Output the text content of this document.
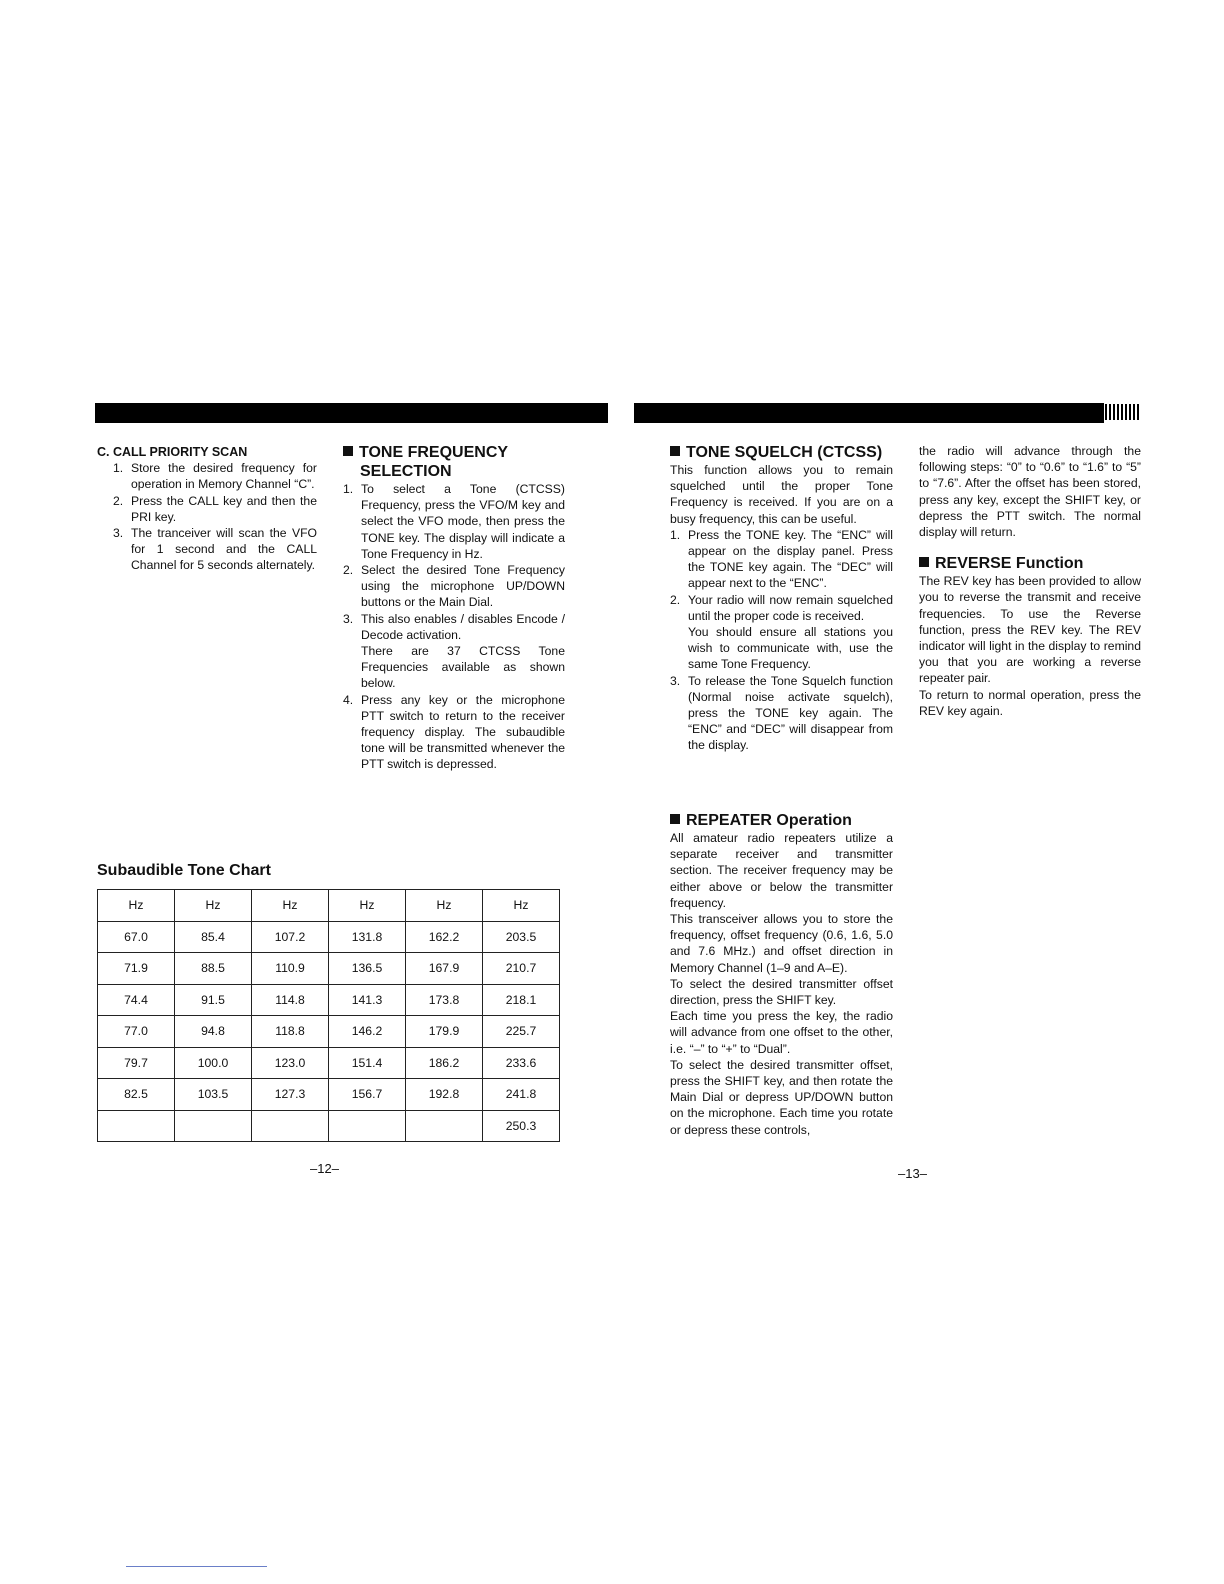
C. CALL PRIORITY SCAN

1. Store the desired frequency for operation in Memory Channel “C”.
2. Press the CALL key and then the PRI key.
3. The tranceiver will scan the VFO for 1 second and the CALL Channel for 5 seconds alternately.

TONE FREQUENCY

SELECTION

1. To select a Tone (CTCSS) Frequency, press the VFO/M key and select the VFO mode, then press the TONE key. The display will indicate a Tone Frequency in Hz.
2. Select the desired Tone Frequency using the microphone UP/DOWN buttons or the Main Dial.
3. This also enables / disables Encode / Decode activation.
There are 37 CTCSS Tone Frequencies available as shown below.
4. Press any key or the microphone PTT switch to return to the receiver frequency display. The subaudible tone will be transmitted whenever the PTT switch is depressed.
Subaudible Tone Chart
Hz	Hz	Hz	Hz	Hz	Hz
67.0	85.4	107.2	131.8	162.2	203.5
71.9	88.5	110.9	136.5	167.9	210.7
74.4	91.5	114.8	141.3	173.8	218.1
77.0	94.8	118.8	146.2	179.9	225.7
79.7	100.0	123.0	151.4	186.2	233.6
82.5	103.5	127.3	156.7	192.8	241.8
					250.3
–12–

TONE SQUELCH (CTCSS)

This function allows you to remain squelched until the proper Tone Frequency is received. If you are on a busy frequency, this can be useful.

1. Press the TONE key. The “ENC” will appear on the display panel. Press the TONE key again. The “DEC” will appear next to the “ENC”.
2. Your radio will now remain squelched until the proper code is received.
You should ensure all stations you wish to communicate with, use the same Tone Frequency.
3. To release the Tone Squelch function (Normal noise activate squelch), press the TONE key again. The “ENC” and “DEC” will disappear from the display.

REPEATER Operation

All amateur radio repeaters utilize a separate receiver and transmitter section. The receiver frequency may be either above or below the transmitter frequency.

This transceiver allows you to store the frequency, offset frequency (0.6, 1.6, 5.0 and 7.6 MHz.) and offset direction in Memory Channel (1–9 and A–E).

To select the desired transmitter offset direction, press the SHIFT key.

Each time you press the key, the radio will advance from one offset to the other, i.e. “–” to “+” to “Dual”.

To select the desired transmitter offset, press the SHIFT key, and then rotate the Main Dial or depress UP/DOWN button on the microphone. Each time you rotate or depress these controls,

the radio will advance through the following steps: “0” to “0.6” to “1.6” to “5” to “7.6”. After the offset has been stored, press any key, except the SHIFT key, or depress the PTT switch. The normal display will return.

REVERSE Function

The REV key has been provided to allow you to reverse the transmit and receive frequencies. To use the Reverse function, press the REV key. The REV indicator will light in the display to remind you that you are working a reverse repeater pair.

To return to normal operation, press the REV key again.

–13–
